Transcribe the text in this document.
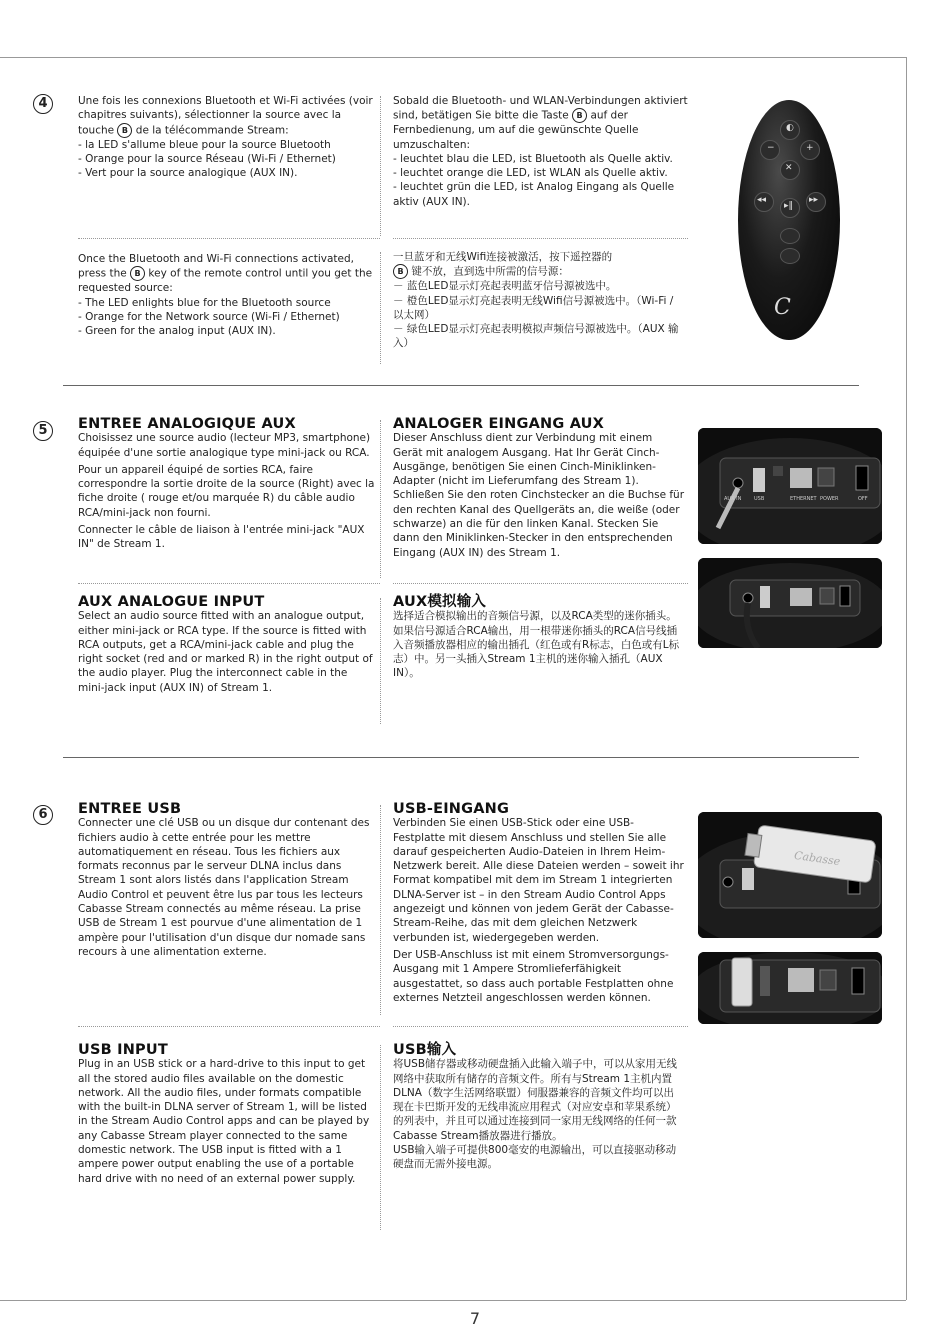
4	Une fois les connexions Bluetooth et Wi-Fi activées (voir chapitres suivants), sélectionner la source avec la touche B de la télécommande Stream:

- la LED s'allume bleue pour la source Bluetooth

- Orange pour la source Réseau (Wi-Fi / Ethernet)

- Vert pour la source analogique (AUX IN).

Sobald die Bluetooth- und WLAN-Verbindungen aktiviert sind, betätigen Sie bitte die Taste B auf der Fernbedienung, um auf die gewünschte Quelle umzuschalten:

- leuchtet blau die LED, ist Bluetooth als Quelle aktiv.

- leuchtet orange die LED, ist WLAN als Quelle aktiv.

- leuchtet grün die LED, ist Analog Eingang als Quelle aktiv (AUX IN).

Once the Bluetooth and Wi-Fi connections activated, press the B key of the remote control until you get the requested source:

- The LED enlights blue for the Bluetooth source

- Orange for the Network source (Wi-Fi / Ethernet)

- Green for the analog input (AUX IN).

一旦蓝牙和无线Wifi连接被激活，按下遥控器的

B 键不放，直到选中所需的信号源：

－ 蓝色LED显示灯亮起表明蓝牙信号源被选中。

－ 橙色LED显示灯亮起表明无线Wifi信号源被选中。（Wi-Fi / 以太网）

－ 绿色LED显示灯亮起表明模拟声频信号源被选中。（AUX 输入）

◐
−	+
✕
◂◂	▸▸
▸‖
C
5	ENTREE ANALOGIQUE AUX

Choisissez une source audio (lecteur MP3, smartphone) équipée d'une sortie analogique type mini-jack ou RCA.

Pour un appareil équipé de sorties RCA, faire correspondre la sortie droite de la source (Right) avec la fiche droite ( rouge et/ou marquée R) du câble audio RCA/mini-jack non fourni.

Connecter le câble de liaison à l'entrée mini-jack "AUX IN" de Stream 1.

ANALOGER EINGANG AUX

Dieser Anschluss dient zur Verbindung mit einem Gerät mit analogem Ausgang. Hat Ihr Gerät Cinch-Ausgänge, benötigen Sie einen Cinch-Miniklinken-Adapter (nicht im Lieferumfang des Stream 1). Schließen Sie den roten Cinchstecker an die Buchse für den rechten Kanal des Quellgeräts an, die weiße (oder schwarze) an die für den linken Kanal. Stecken Sie dann den Miniklinken-Stecker in den entsprechenden Eingang (AUX IN) des Stream 1.

AUX ANALOGUE INPUT

Select an audio source fitted with an analogue output, either mini-jack or RCA type. If the source is fitted with RCA outputs, get a RCA/mini-jack cable and plug the right socket (red and or marked R) in the right output of the audio player. Plug the interconnect cable in the mini-jack input (AUX IN) of Stream 1.

AUX模拟输入

选择适合模拟输出的音频信号源，以及RCA类型的迷你插头。如果信号源适合RCA输出，用一根带迷你插头的RCA信号线插入音频播放器相应的输出插孔（红色或有R标志，白色或有L标志）中。另一头插入Stream 1主机的迷你输入插孔（AUX IN）。

AUX IN	USB	ETHERNET POWER	OFF
6	ENTREE USB

Connecter une clé USB ou un disque dur contenant des fichiers audio à cette entrée pour les mettre automatiquement en réseau. Tous les fichiers aux formats reconnus par le serveur DLNA inclus dans Stream 1 sont alors listés dans l'application Stream Audio Control et peuvent être lus par tous les lecteurs Cabasse Stream connectés au même réseau. La prise USB de Stream 1 est pourvue d'une alimentation de 1 ampère pour l'utilisation d'un disque dur nomade sans recours à une alimentation externe.

USB-EINGANG

Verbinden Sie einen USB-Stick oder eine USB-Festplatte mit diesem Anschluss und stellen Sie alle darauf gespeicherten Audio-Dateien in Ihrem Heim-Netzwerk bereit. Alle diese Dateien werden – soweit ihr Format kompatibel mit dem im Stream 1 integrierten DLNA-Server ist – in den Stream Audio Control Apps angezeigt und können von jedem Gerät der Cabasse-Stream-Reihe, das mit dem gleichen Netzwerk verbunden ist, wiedergegeben werden.

Der USB-Anschluss ist mit einem Stromversorgungs-Ausgang mit 1 Ampere Stromlieferfähigkeit ausgestattet, so dass auch portable Festplatten ohne externes Netzteil angeschlossen werden können.

USB INPUT

Plug in an USB stick or a hard-drive to this input to get all the stored audio files available on the domestic network. All the audio files, under formats compatible with the built-in DLNA server of Stream 1, will be listed in the Stream Audio Control apps and can be played by any Cabasse Stream player connected to the same domestic network. The USB input is fitted with a 1 ampere power output enabling the use of a portable hard drive with no need of an external power supply.

USB输入

将USB储存器或移动硬盘插入此输入端子中，可以从家用无线网络中获取所有储存的音频文件。所有与Stream 1主机内置DLNA（数字生活网络联盟）伺服器兼容的音频文件均可以出现在卡巴斯开发的无线串流应用程式（对应安卓和苹果系统）的列表中，并且可以通过连接到同一家用无线网络的任何一款Cabasse Stream播放器进行播放。

USB输入端子可提供800毫安的电源输出，可以直接驱动移动硬盘而无需外接电源。

Cabasse
7
